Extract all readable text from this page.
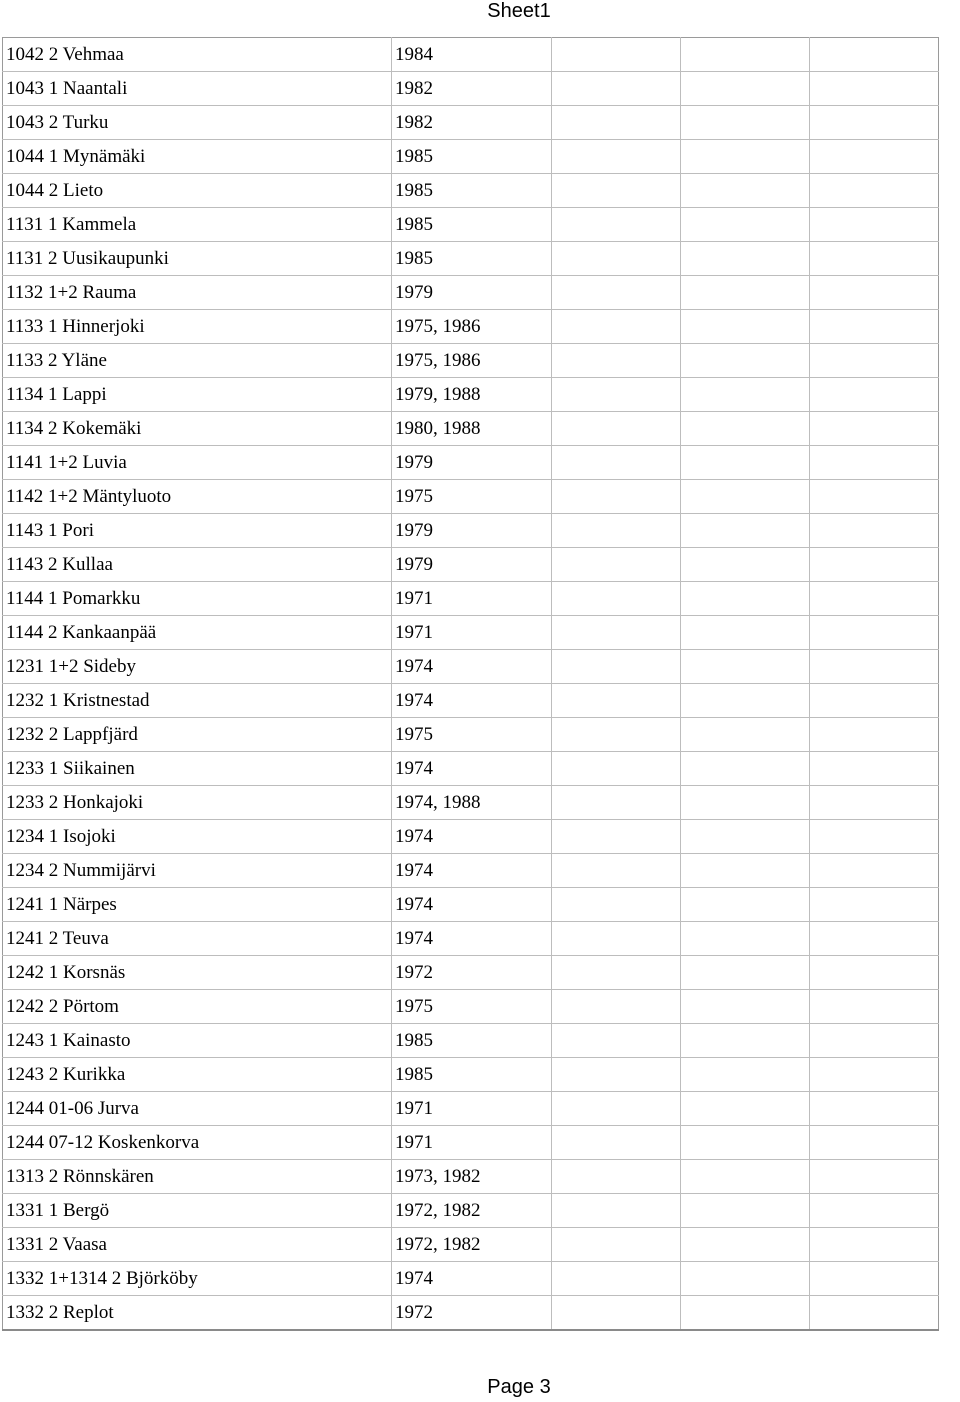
Sheet1
1042 2 Vehmaa	1984			
1043 1 Naantali	1982			
1043 2 Turku	1982			
1044 1 Mynämäki	1985			
1044 2 Lieto	1985			
1131 1 Kammela	1985			
1131 2 Uusikaupunki	1985			
1132 1+2 Rauma	1979			
1133 1 Hinnerjoki	1975, 1986			
1133 2 Yläne	1975, 1986			
1134 1 Lappi	1979, 1988			
1134 2 Kokemäki	1980, 1988			
1141 1+2 Luvia	1979			
1142 1+2 Mäntyluoto	1975			
1143 1 Pori	1979			
1143 2 Kullaa	1979			
1144 1 Pomarkku	1971			
1144 2 Kankaanpää	1971			
1231 1+2 Sideby	1974			
1232 1 Kristnestad	1974			
1232 2 Lappfjärd	1975			
1233 1 Siikainen	1974			
1233 2 Honkajoki	1974, 1988			
1234 1 Isojoki	1974			
1234 2 Nummijärvi	1974			
1241 1 Närpes	1974			
1241 2 Teuva	1974			
1242 1 Korsnäs	1972			
1242 2 Pörtom	1975			
1243 1 Kainasto	1985			
1243 2 Kurikka	1985			
1244 01-06 Jurva	1971			
1244 07-12 Koskenkorva	1971			
1313 2 Rönnskären	1973, 1982			
1331 1 Bergö	1972, 1982			
1331 2 Vaasa	1972, 1982			
1332 1+1314 2 Björköby	1974			
1332 2 Replot	1972			
Page 3
